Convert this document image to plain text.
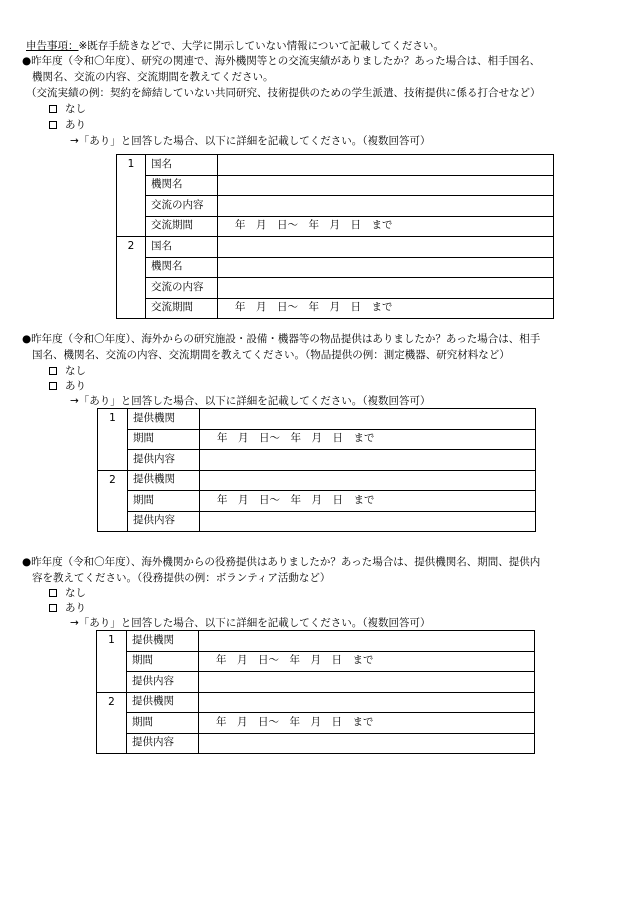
申告事項：※既存手続きなどで、大学に開示していない情報について記載してください。
●昨年度（令和〇年度）、研究の関連で、海外機関等との交流実績がありましたか？あった場合は、相手国名、
機関名、交流の内容、交流期間を教えてください。
（交流実績の例：契約を締結していない共同研究、技術提供のための学生派遣、技術提供に係る打合せなど）
なし
あり
→「あり」と回答した場合、以下に詳細を記載してください。（複数回答可）
1	国名	
	機関名	
	交流の内容	
	交流期間	年　月　日〜　年　月　日　まで
2	国名	
	機関名	
	交流の内容	
	交流期間	年　月　日〜　年　月　日　まで
●昨年度（令和〇年度）、海外からの研究施設・設備・機器等の物品提供はありましたか？あった場合は、相手
国名、機関名、交流の内容、交流期間を教えてください。（物品提供の例：測定機器、研究材料など）
なし
あり
→「あり」と回答した場合、以下に詳細を記載してください。（複数回答可）
1	提供機関	
	期間	年　月　日〜　年　月　日　まで
	提供内容	
2	提供機関	
	期間	年　月　日〜　年　月　日　まで
	提供内容	
●昨年度（令和〇年度）、海外機関からの役務提供はありましたか？あった場合は、提供機関名、期間、提供内
容を教えてください。（役務提供の例：ボランティア活動など）
なし
あり
→「あり」と回答した場合、以下に詳細を記載してください。（複数回答可）
1	提供機関	
	期間	年　月　日〜　年　月　日　まで
	提供内容	
2	提供機関	
	期間	年　月　日〜　年　月　日　まで
	提供内容	
